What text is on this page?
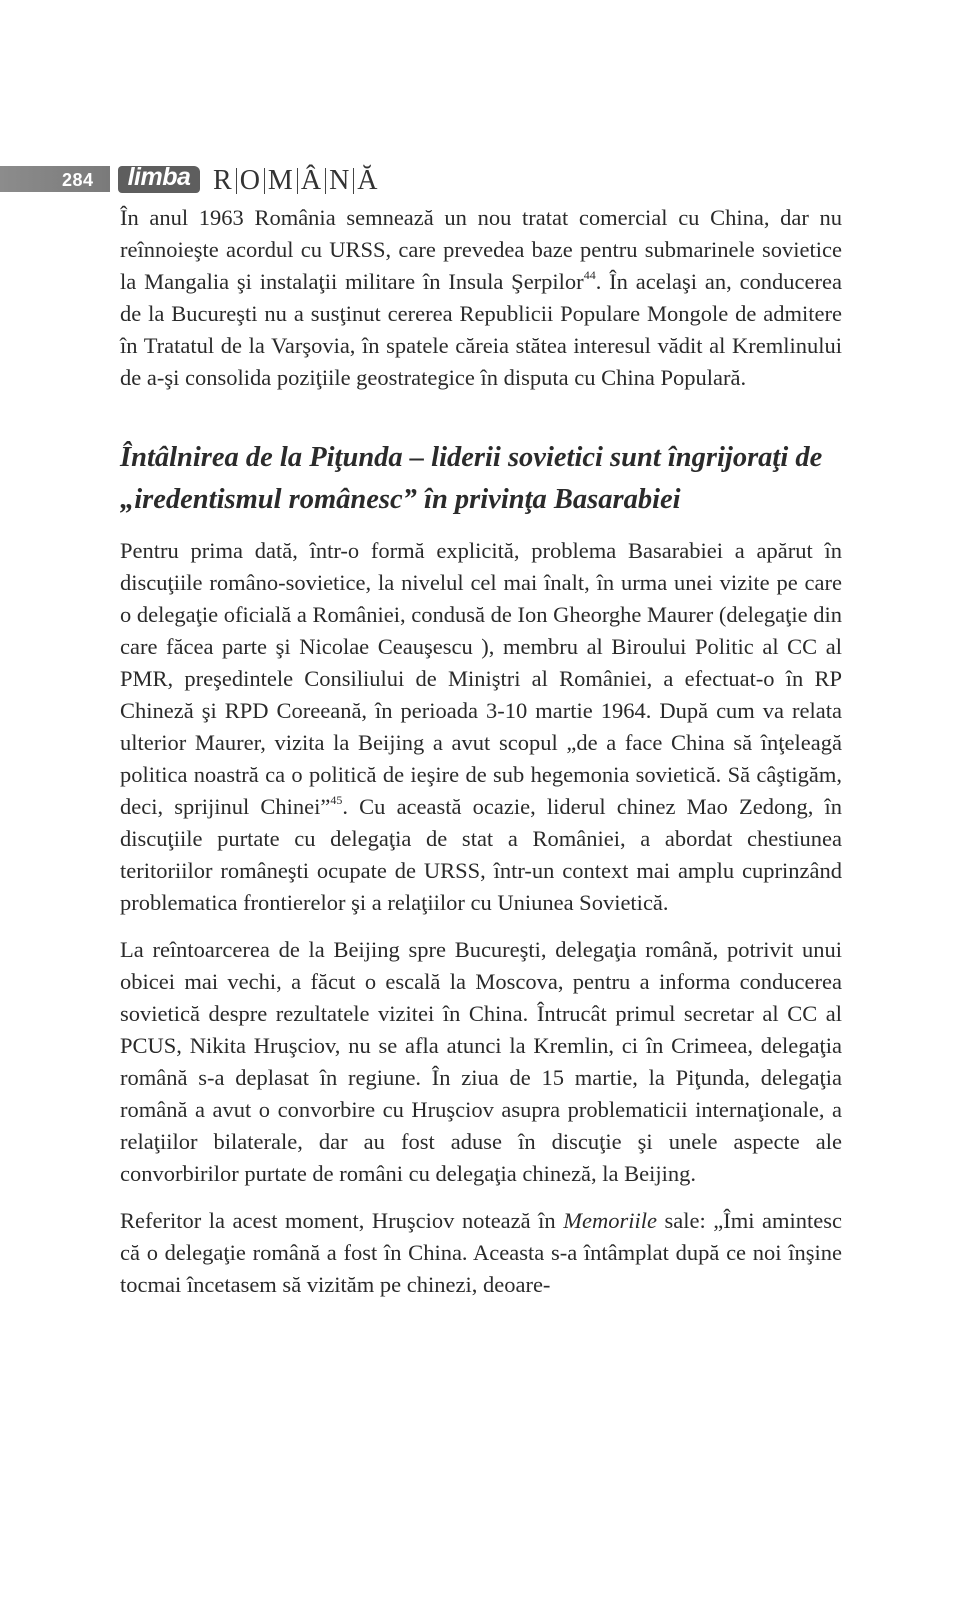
284	limba R O M Â N Ă

În anul 1963 România semnează un nou tratat comercial cu China, dar nu reînnoieşte acordul cu URSS, care prevedea baze pentru submarinele sovietice la Mangalia şi instalaţii militare în Insula Şerpilor$^{44}$. În acelaşi an, conducerea de la Bucureşti nu a susţinut cererea Republicii Populare Mongole de admitere în Tratatul de la Varşovia, în spatele căreia stătea interesul vădit al Kremlinului de a-şi consolida poziţiile geostrategice în disputa cu China Populară.

Întâlnirea de la Piţunda – liderii sovietici sunt îngrijoraţi de „iredentismul românesc” în privinţa Basarabiei

Pentru prima dată, într-o formă explicită, problema Basarabiei a apărut în discuţiile româno-sovietice, la nivelul cel mai înalt, în urma unei vizite pe care o delegaţie oficială a României, condusă de Ion Gheorghe Maurer (delegaţie din care făcea parte şi Nicolae Ceauşescu ), membru al Biroului Politic al CC al PMR, preşedintele Consiliului de Miniştri al României, a efectuat-o în RP Chineză şi RPD Coreeană, în perioada 3-10 martie 1964. După cum va relata ulterior Maurer, vizita la Beijing a avut scopul „de a face China să înţeleagă politica noastră ca o politică de ieşire de sub hegemonia sovietică. Să câştigăm, deci, sprijinul Chinei”$^{45}$. Cu această ocazie, liderul chinez Mao Zedong, în discuţiile purtate cu delegaţia de stat a României, a abordat chestiunea teritoriilor româneşti ocupate de URSS, într-un context mai amplu cuprinzând problematica frontierelor şi a relaţiilor cu Uniunea Sovietică.

La reîntoarcerea de la Beijing spre Bucureşti, delegaţia română, potrivit unui obicei mai vechi, a făcut o escală la Moscova, pentru a informa conducerea sovietică despre rezultatele vizitei în China. Întrucât primul secretar al CC al PCUS, Nikita Hruşciov, nu se afla atunci la Kremlin, ci în Crimeea, delegaţia română s-a deplasat în regiune. În ziua de 15 martie, la Piţunda, delegaţia română a avut o convorbire cu Hruşciov asupra problematicii internaţionale, a relaţiilor bilaterale, dar au fost aduse în discuţie şi unele aspecte ale convorbirilor purtate de români cu delegaţia chineză, la Beijing.

Referitor la acest moment, Hruşciov notează în Memoriile sale: „Îmi amintesc că o delegaţie română a fost în China. Aceasta s-a întâmplat după ce noi înşine tocmai încetasem să vizităm pe chinezi, deoare-
